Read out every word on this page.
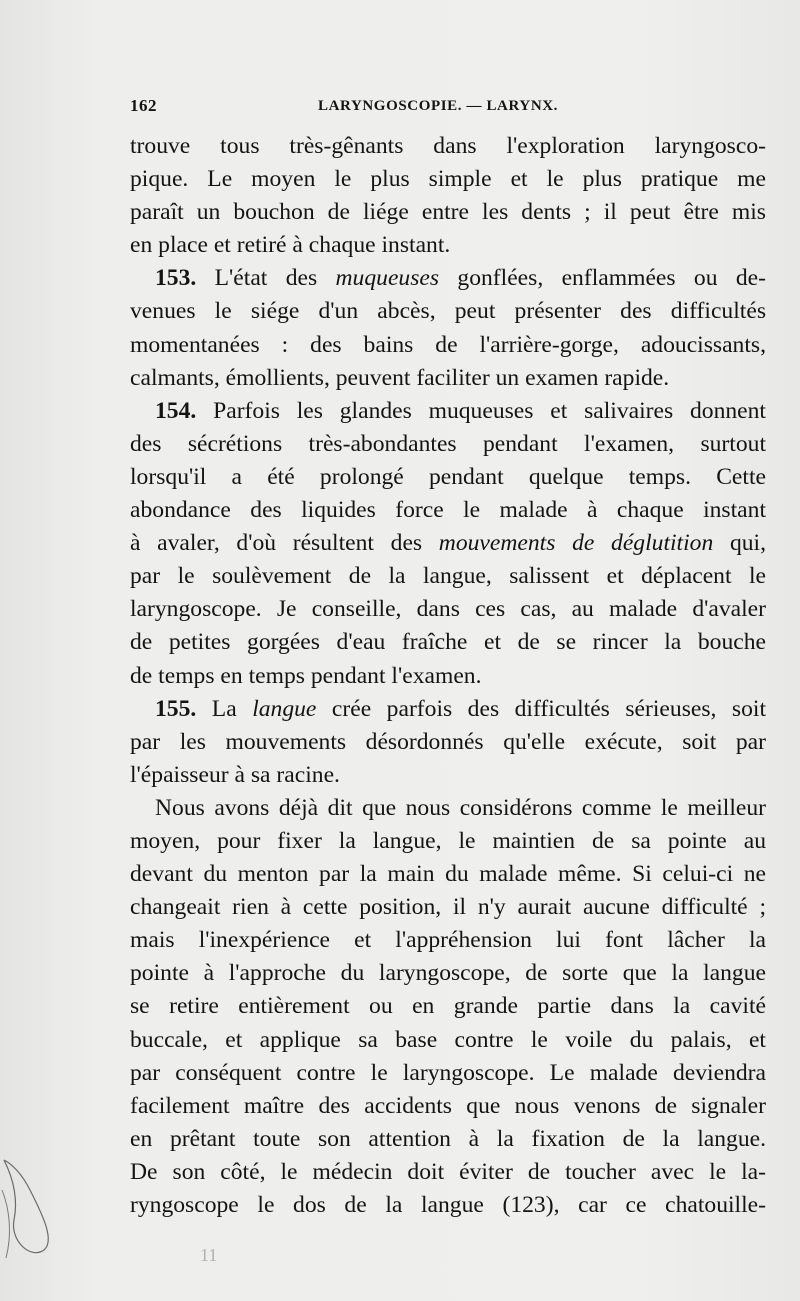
162	LARYNGOSCOPIE. — LARYNX.

trouve tous très-gênants dans l'exploration laryngosco-
pique. Le moyen le plus simple et le plus pratique me
paraît un bouchon de liége entre les dents ; il peut être mis
en place et retiré à chaque instant.

153. L'état des muqueuses gonflées, enflammées ou de-
venues le siége d'un abcès, peut présenter des difficultés
momentanées : des bains de l'arrière-gorge, adoucissants,
calmants, émollients, peuvent faciliter un examen rapide.

154. Parfois les glandes muqueuses et salivaires donnent
des sécrétions très-abondantes pendant l'examen, surtout
lorsqu'il a été prolongé pendant quelque temps. Cette
abondance des liquides force le malade à chaque instant
à avaler, d'où résultent des mouvements de déglutition qui,
par le soulèvement de la langue, salissent et déplacent le
laryngoscope. Je conseille, dans ces cas, au malade d'avaler
de petites gorgées d'eau fraîche et de se rincer la bouche
de temps en temps pendant l'examen.

155. La langue crée parfois des difficultés sérieuses, soit
par les mouvements désordonnés qu'elle exécute, soit par
l'épaisseur à sa racine.

Nous avons déjà dit que nous considérons comme le meilleur
moyen, pour fixer la langue, le maintien de sa pointe au
devant du menton par la main du malade même. Si celui-ci ne
changeait rien à cette position, il n'y aurait aucune difficulté ;
mais l'inexpérience et l'appréhension lui font lâcher la
pointe à l'approche du laryngoscope, de sorte que la langue
se retire entièrement ou en grande partie dans la cavité
buccale, et applique sa base contre le voile du palais, et
par conséquent contre le laryngoscope. Le malade deviendra
facilement maître des accidents que nous venons de signaler
en prêtant toute son attention à la fixation de la langue.
De son côté, le médecin doit éviter de toucher avec le la-
ryngoscope le dos de la langue (123), car ce chatouille-

11
